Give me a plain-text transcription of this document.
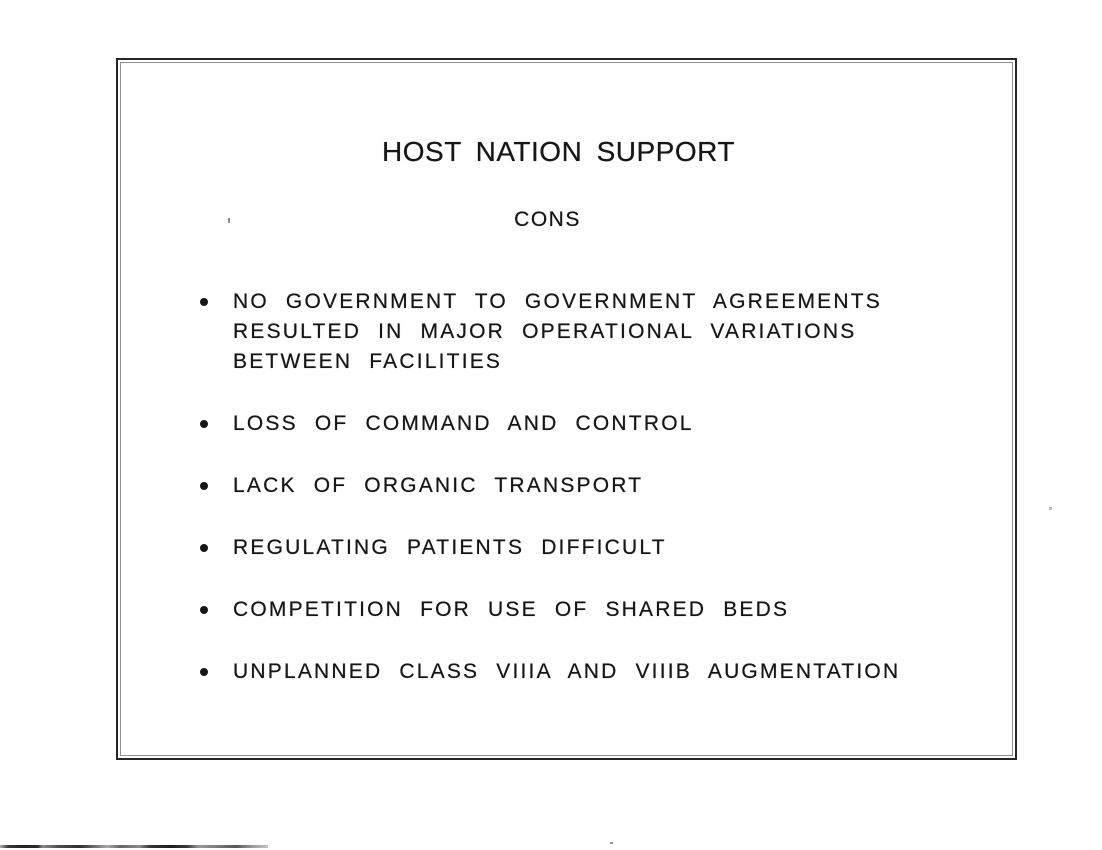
HOST NATION SUPPORT
CONS
NO GOVERNMENT TO GOVERNMENT AGREEMENTS RESULTED IN MAJOR OPERATIONAL VARIATIONS BETWEEN FACILITIES
LOSS OF COMMAND AND CONTROL
LACK OF ORGANIC TRANSPORT
REGULATING PATIENTS DIFFICULT
COMPETITION FOR USE OF SHARED BEDS
UNPLANNED CLASS VIIIA AND VIIIB AUGMENTATION
